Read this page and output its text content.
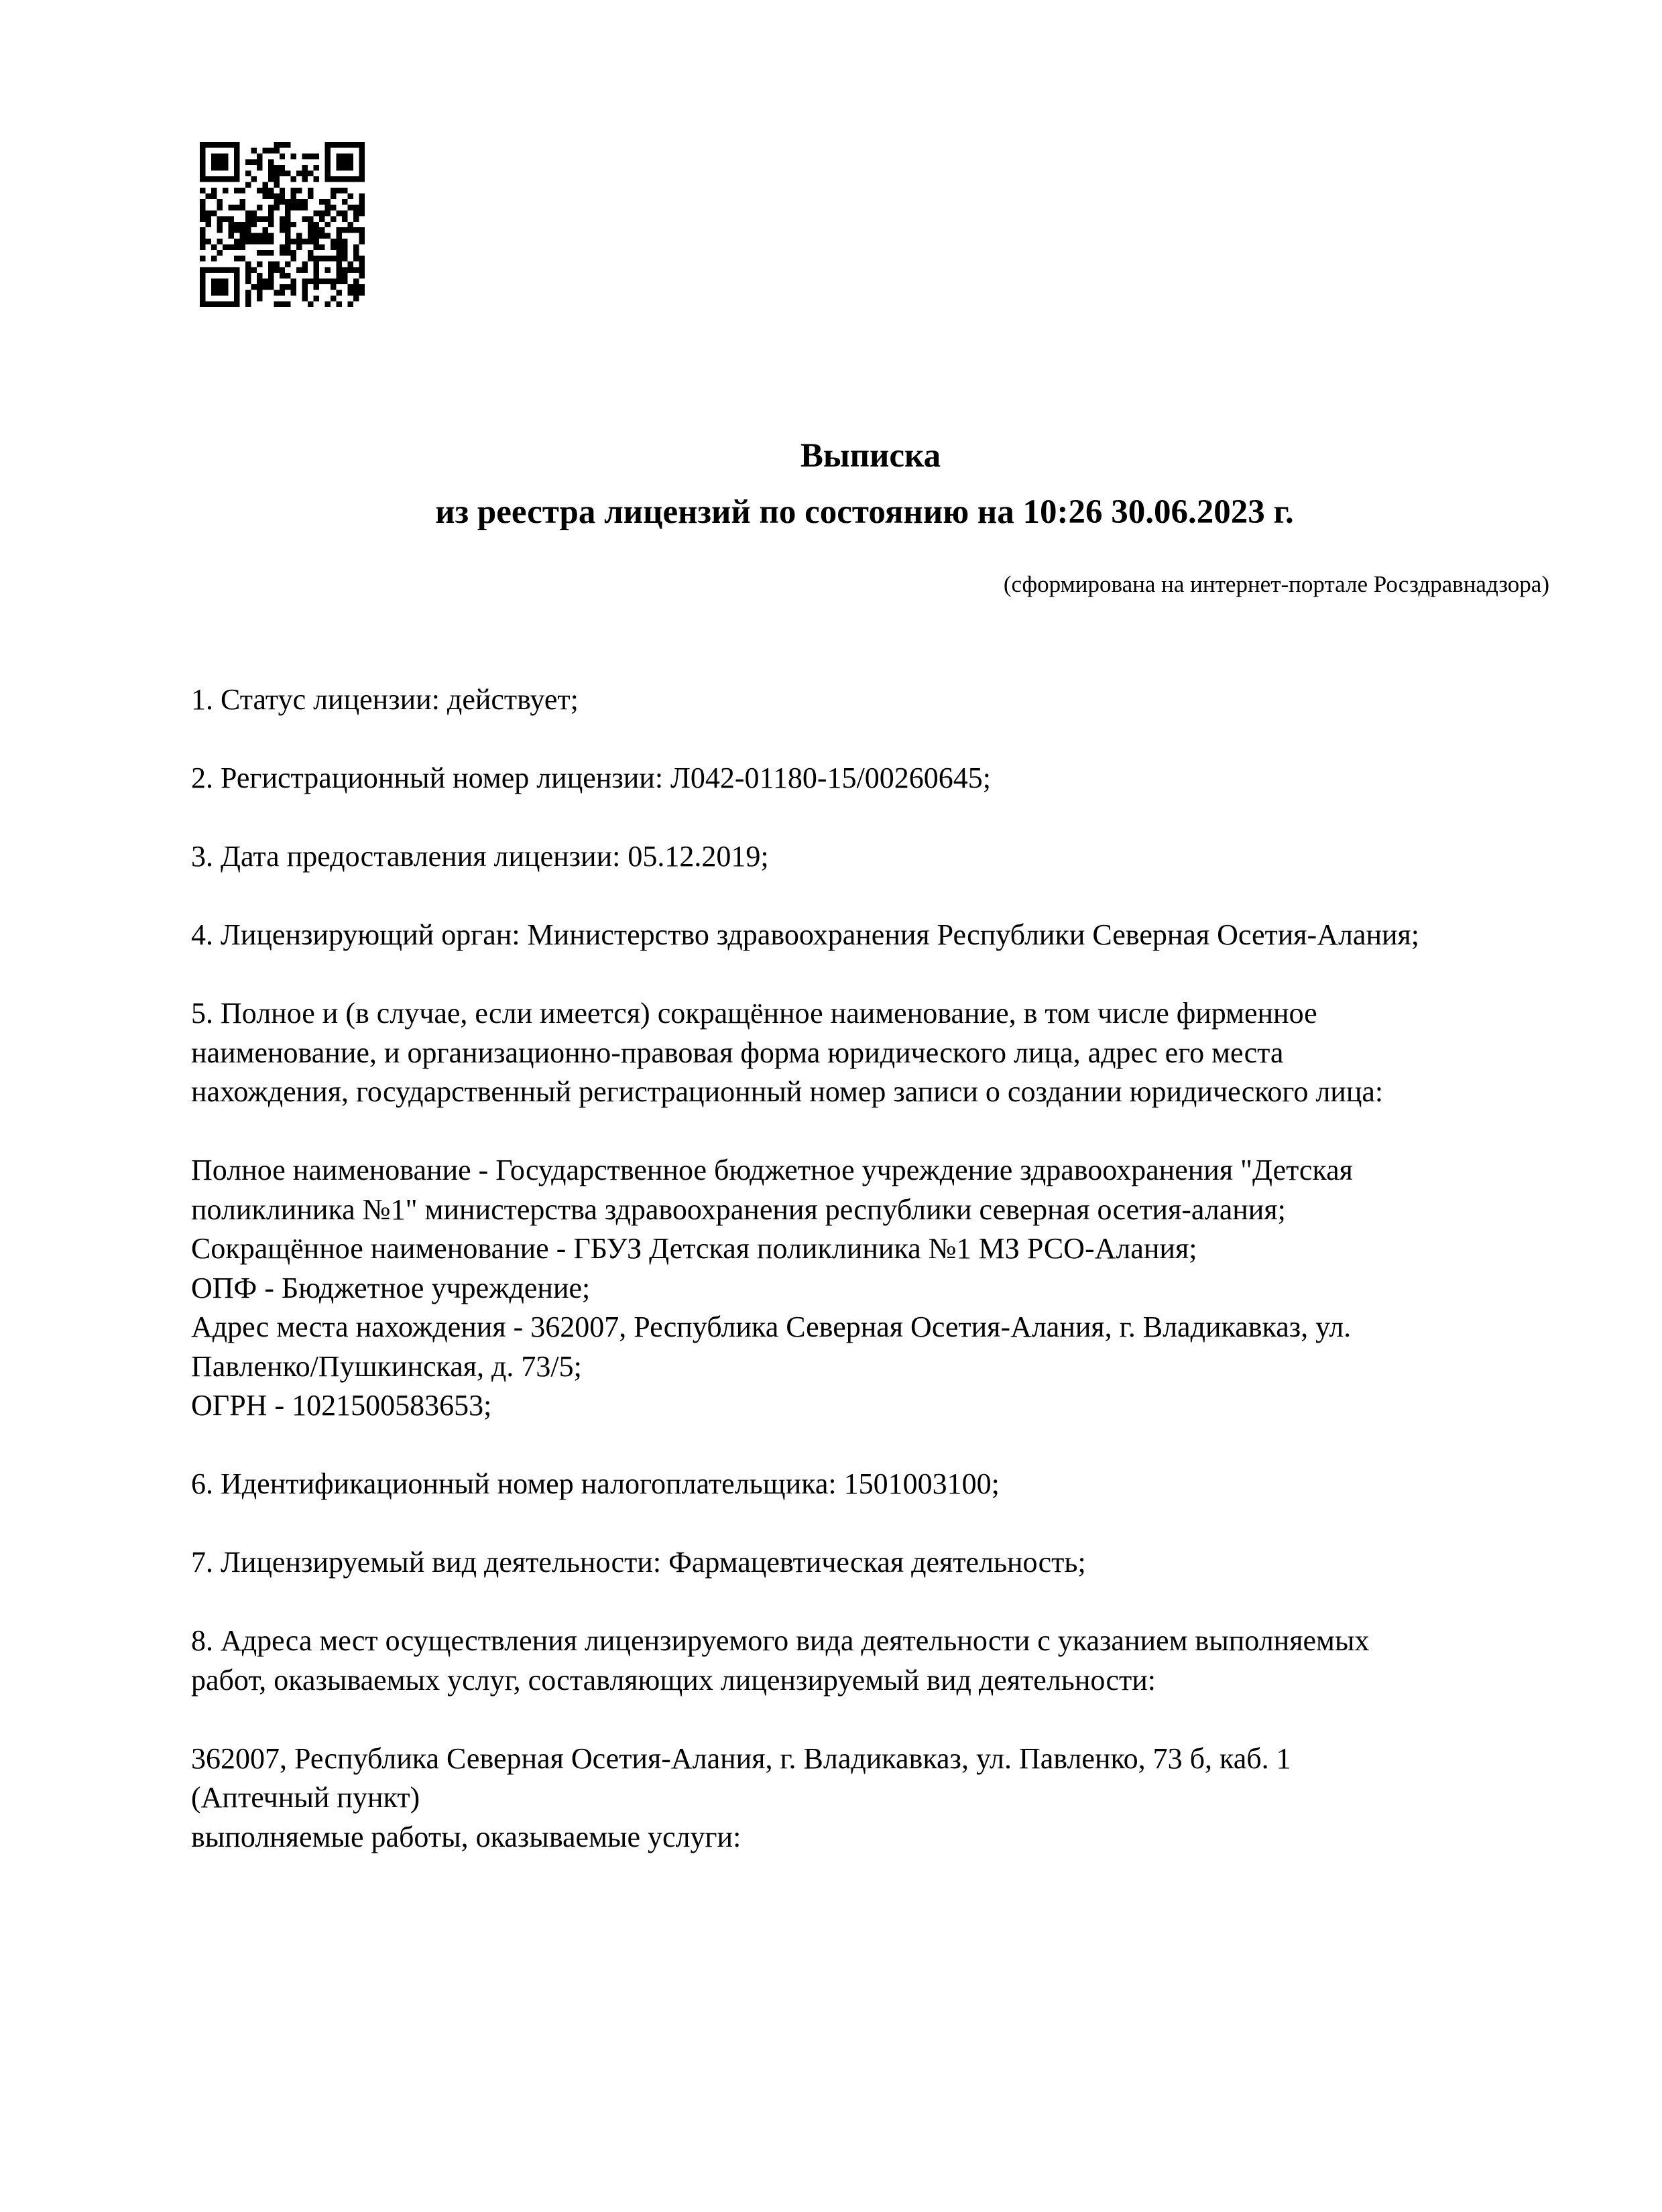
Выписка
из реестра лицензий по состоянию на 10:26 30.06.2023 г.
(сформирована на интернет-портале Росздравнадзора)

1. Статус лицензии: действует;

2. Регистрационный номер лицензии: Л042-01180-15/00260645;

3. Дата предоставления лицензии: 05.12.2019;

4. Лицензирующий орган: Министерство здравоохранения Республики Северная Осетия-Алания;

5. Полное и (в случае, если имеется) сокращённое наименование, в том числе фирменное
наименование, и организационно-правовая форма юридического лица, адрес его места
нахождения, государственный регистрационный номер записи о создании юридического лица:

Полное наименование - Государственное бюджетное учреждение здравоохранения "Детская
поликлиника №1" министерства здравоохранения республики северная осетия-алания;
Сокращённое наименование - ГБУЗ Детская поликлиника №1 МЗ РСО-Алания;
ОПФ - Бюджетное учреждение;
Адрес места нахождения - 362007, Республика Северная Осетия-Алания, г. Владикавказ, ул.
Павленко/Пушкинская, д. 73/5;
ОГРН - 1021500583653;

6. Идентификационный номер налогоплательщика: 1501003100;

7. Лицензируемый вид деятельности: Фармацевтическая деятельность;

8. Адреса мест осуществления лицензируемого вида деятельности с указанием выполняемых
работ, оказываемых услуг, составляющих лицензируемый вид деятельности:

362007, Республика Северная Осетия-Алания, г. Владикавказ, ул. Павленко, 73 б, каб. 1
(Аптечный пункт)
выполняемые работы, оказываемые услуги:
